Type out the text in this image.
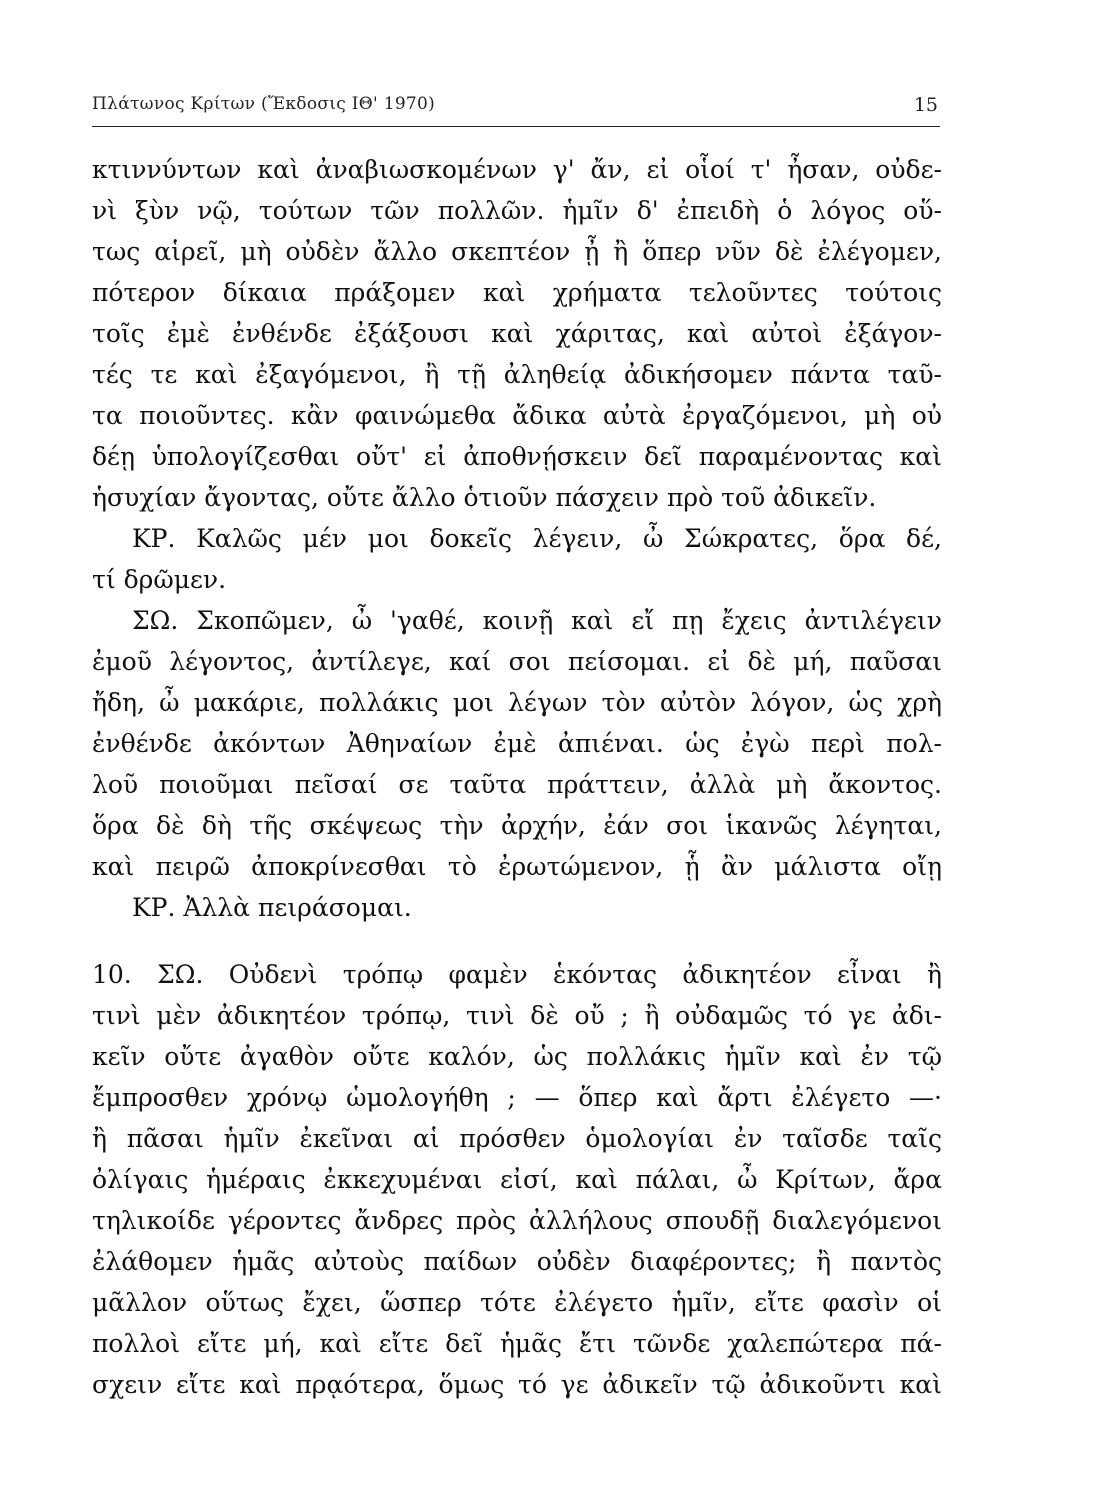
Πλάτωνος Κρίτων (Ἔκδοσις ΙΘ' 1970)	15
κτιννύντων καὶ ἀναβιωσκομένων γ' ἄν, εἰ οἷοί τ' ἦσαν, οὐδε-
νὶ ξὺν νῷ, τούτων τῶν πολλῶν. ἡμῖν δ' ἐπειδὴ ὁ λόγος οὕ-
τως αἱρεῖ, μὴ οὐδὲν ἄλλο σκεπτέον ᾖ ἢ ὅπερ νῦν δὲ ἐλέγομεν,
πότερον δίκαια πράξομεν καὶ χρήματα τελοῦντες τούτοις
τοῖς ἐμὲ ἐνθένδε ἐξάξουσι καὶ χάριτας, καὶ αὐτοὶ ἐξάγον-
τές τε καὶ ἐξαγόμενοι, ἢ τῇ ἀληθείᾳ ἀδικήσομεν πάντα ταῦ-
τα ποιοῦντες. κἂν φαινώμεθα ἄδικα αὐτὰ ἐργαζόμενοι, μὴ οὐ
δέῃ ὑπολογίζεσθαι οὔτ' εἰ ἀποθνῄσκειν δεῖ παραμένοντας καὶ
ἡσυχίαν ἄγοντας, οὔτε ἄλλο ὁτιοῦν πάσχειν πρὸ τοῦ ἀδικεῖν.
ΚΡ. Καλῶς μέν μοι δοκεῖς λέγειν, ὦ Σώκρατες, ὅρα δέ,
τί δρῶμεν.
ΣΩ. Σκοπῶμεν, ὦ 'γαθέ, κοινῇ καὶ εἴ πῃ ἔχεις ἀντιλέγειν
ἐμοῦ λέγοντος, ἀντίλεγε, καί σοι πείσομαι. εἰ δὲ μή, παῦσαι
ἤδη, ὦ μακάριε, πολλάκις μοι λέγων τὸν αὐτὸν λόγον, ὡς χρὴ
ἐνθένδε ἀκόντων Ἀθηναίων ἐμὲ ἀπιέναι. ὡς ἐγὼ περὶ πολ-
λοῦ ποιοῦμαι πεῖσαί σε ταῦτα πράττειν, ἀλλὰ μὴ ἄκοντος.
ὅρα δὲ δὴ τῆς σκέψεως τὴν ἀρχήν, ἐάν σοι ἱκανῶς λέγηται,
καὶ πειρῶ ἀποκρίνεσθαι τὸ ἐρωτώμενον, ᾗ ἂν μάλιστα οἴῃ
ΚΡ. Ἀλλὰ πειράσομαι.
10. ΣΩ. Οὐδενὶ τρόπῳ φαμὲν ἑκόντας ἀδικητέον εἶναι ἢ
τινὶ μὲν ἀδικητέον τρόπῳ, τινὶ δὲ οὔ ; ἢ οὐδαμῶς τό γε ἀδι-
κεῖν οὔτε ἀγαθὸν οὔτε καλόν, ὡς πολλάκις ἡμῖν καὶ ἐν τῷ
ἔμπροσθεν χρόνῳ ὡμολογήθη ; — ὅπερ καὶ ἄρτι ἐλέγετο —·
ἢ πᾶσαι ἡμῖν ἐκεῖναι αἱ πρόσθεν ὁμολογίαι ἐν ταῖσδε ταῖς
ὀλίγαις ἡμέραις ἐκκεχυμέναι εἰσί, καὶ πάλαι, ὦ Κρίτων, ἄρα
τηλικοίδε γέροντες ἄνδρες πρὸς ἀλλήλους σπουδῇ διαλεγόμενοι
ἐλάθομεν ἡμᾶς αὐτοὺς παίδων οὐδὲν διαφέροντες; ἢ παντὸς
μᾶλλον οὕτως ἔχει, ὥσπερ τότε ἐλέγετο ἡμῖν, εἴτε φασὶν οἱ
πολλοὶ εἴτε μή, καὶ εἴτε δεῖ ἡμᾶς ἔτι τῶνδε χαλεπώτερα πά-
σχειν εἴτε καὶ πρᾳότερα, ὅμως τό γε ἀδικεῖν τῷ ἀδικοῦντι καὶ
